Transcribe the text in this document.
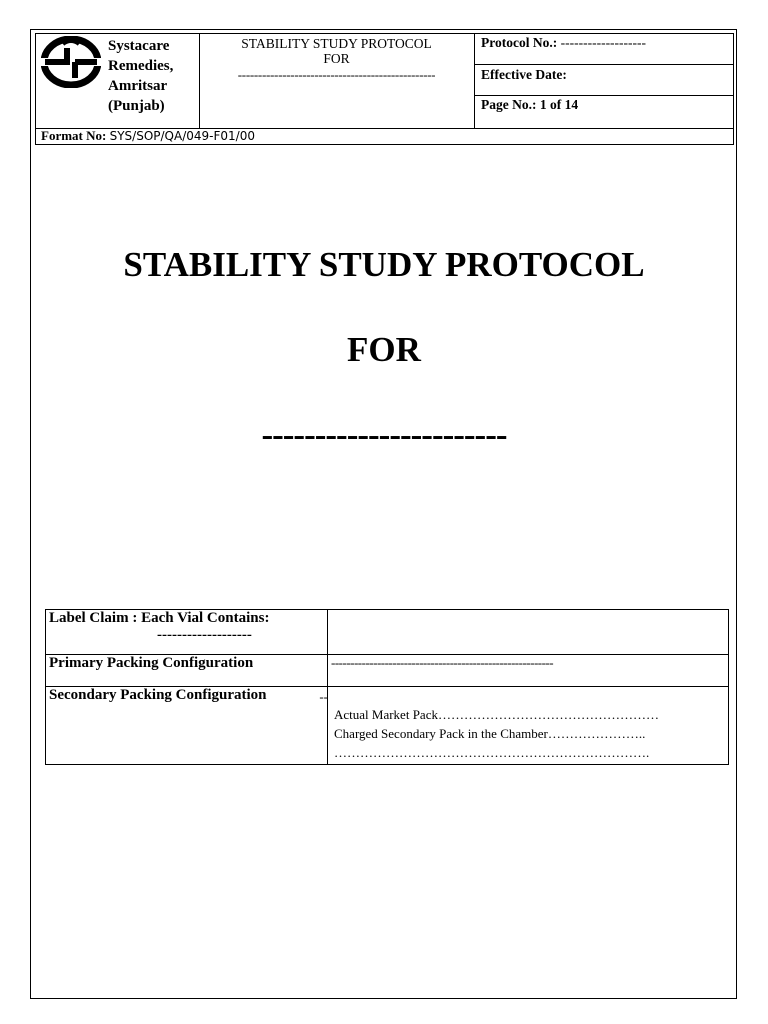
Systacare
Remedies,
Amritsar
(Punjab)
STABILITY STUDY PROTOCOL
FOR
-------------------------------------------------
Protocol No.: -------------------
Effective Date:
Page No.: 1 of 14
Format No: SYS/SOP/QA/049-F01/00
STABILITY STUDY PROTOCOL
FOR
-----------------------
Label Claim : Each Vial Contains:
-------------------
Primary Packing Configuration	----------------------------------------------------------
Secondary Packing Configuration	--
Actual Market Pack……………………………………………
Charged Secondary Pack in the Chamber…………………..
……………………………………………………………….
